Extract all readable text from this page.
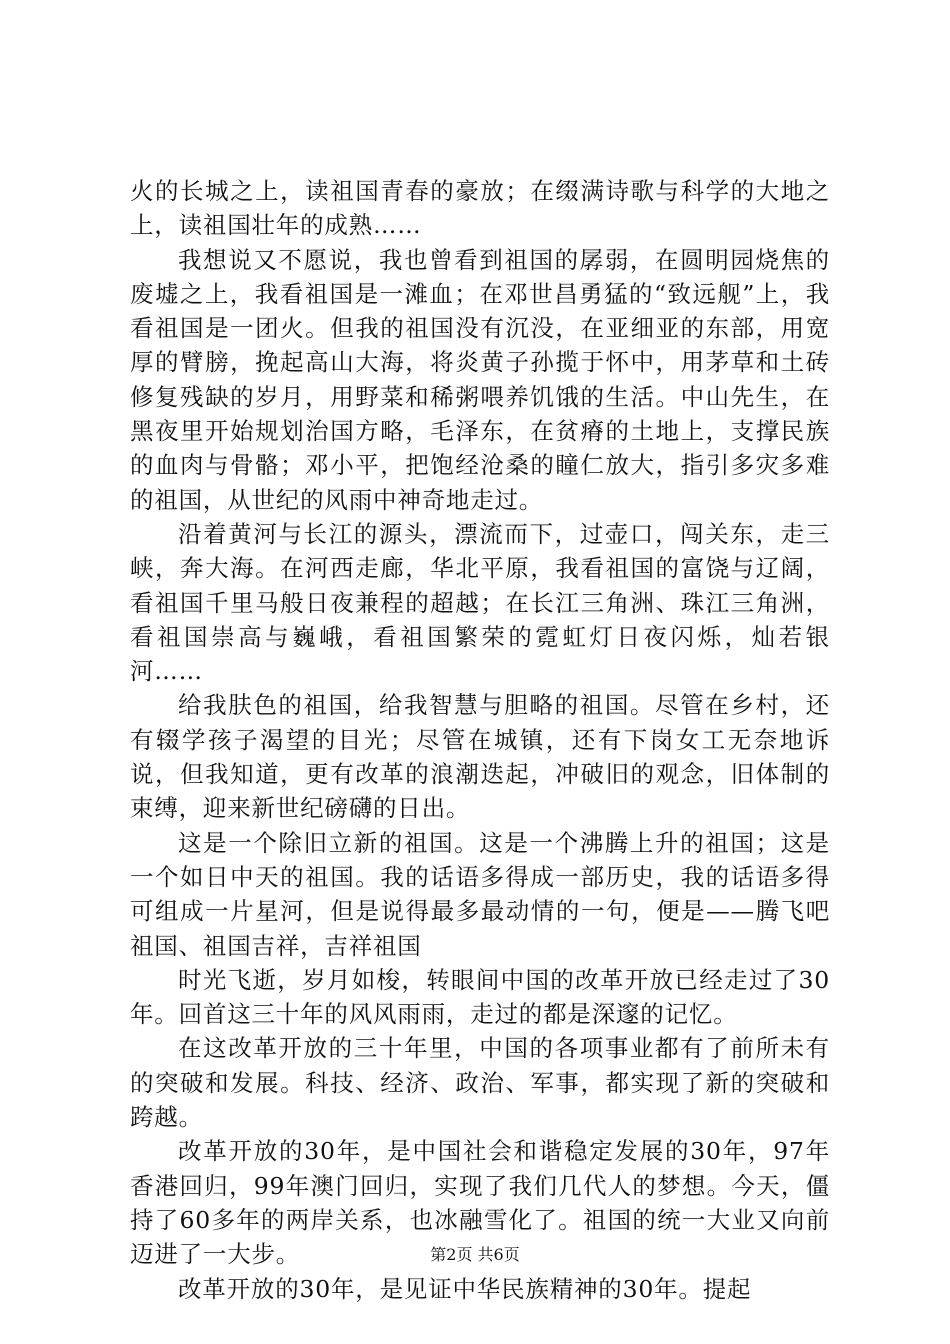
火的长城之上，读祖国青春的豪放；在缀满诗歌与科学的大地之上，读祖国壮年的成熟……

我想说又不愿说，我也曾看到祖国的孱弱，在圆明园烧焦的废墟之上，我看祖国是一滩血；在邓世昌勇猛的“致远舰”上，我看祖国是一团火。但我的祖国没有沉没，在亚细亚的东部，用宽厚的臂膀，挽起高山大海，将炎黄子孙揽于怀中，用茅草和土砖修复残缺的岁月，用野菜和稀粥喂养饥饿的生活。中山先生，在黑夜里开始规划治国方略，毛泽东，在贫瘠的土地上，支撑民族的血肉与骨骼；邓小平，把饱经沧桑的瞳仁放大，指引多灾多难的祖国，从世纪的风雨中神奇地走过。

沿着黄河与长江的源头，漂流而下，过壶口，闯关东，走三峡，奔大海。在河西走廊，华北平原，我看祖国的富饶与辽阔，看祖国千里马般日夜兼程的超越；在长江三角洲、珠江三角洲，看祖国崇高与巍峨，看祖国繁荣的霓虹灯日夜闪烁，灿若银河……

给我肤色的祖国，给我智慧与胆略的祖国。尽管在乡村，还有辍学孩子渴望的目光；尽管在城镇，还有下岗女工无奈地诉说，但我知道，更有改革的浪潮迭起，冲破旧的观念，旧体制的束缚，迎来新世纪磅礴的日出。

这是一个除旧立新的祖国。这是一个沸腾上升的祖国；这是一个如日中天的祖国。我的话语多得成一部历史，我的话语多得可组成一片星河，但是说得最多最动情的一句，便是——腾飞吧祖国、祖国吉祥，吉祥祖国

时光飞逝，岁月如梭，转眼间中国的改革开放已经走过了30年。回首这三十年的风风雨雨，走过的都是深邃的记忆。

在这改革开放的三十年里，中国的各项事业都有了前所未有的突破和发展。科技、经济、政治、军事，都实现了新的突破和跨越。

改革开放的30年，是中国社会和谐稳定发展的30年，97年香港回归，99年澳门回归，实现了我们几代人的梦想。今天，僵持了60多年的两岸关系，也冰融雪化了。祖国的统一大业又向前迈进了一大步。

改革开放的30年，是见证中华民族精神的30年。提起

第2页 共6页
